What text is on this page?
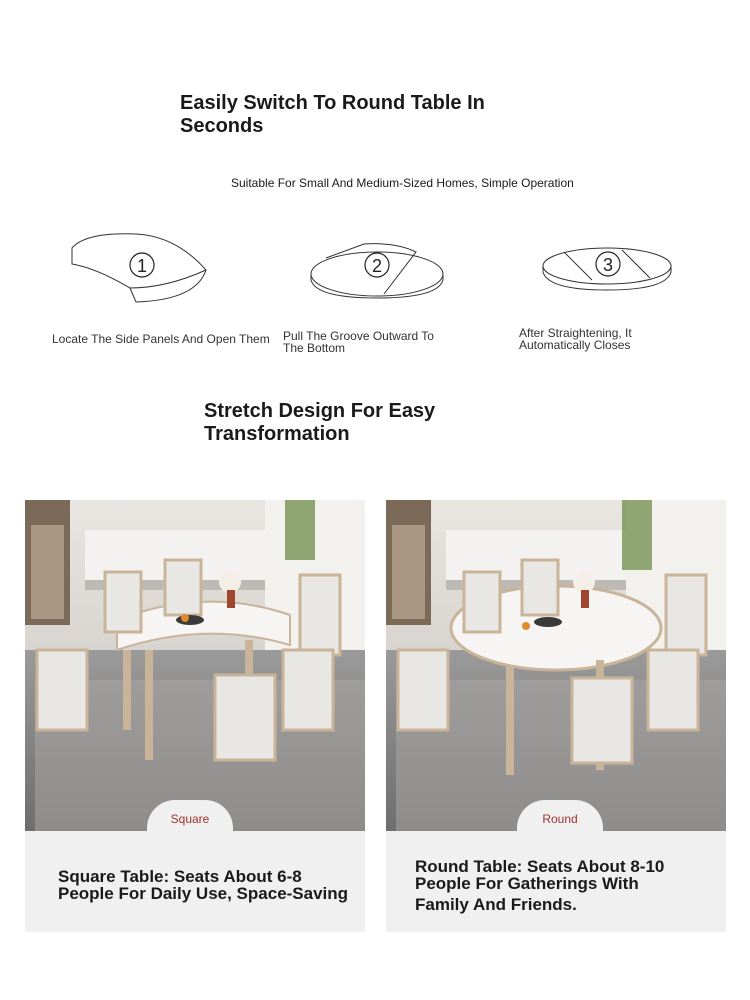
Easily Switch To Round Table In
Seconds
Suitable For Small And Medium-Sized Homes, Simple Operation
1	2	3
Locate The Side Panels And Open Them Pull The Groove Outward To
The Bottom
After Straightening, It
Automatically Closes
Stretch Design For Easy
Transformation
Square
Square Table: Seats About 6-8
People For Daily Use, Space-Saving
Round
Round Table: Seats About 8-10
People For Gatherings With
Family And Friends.
